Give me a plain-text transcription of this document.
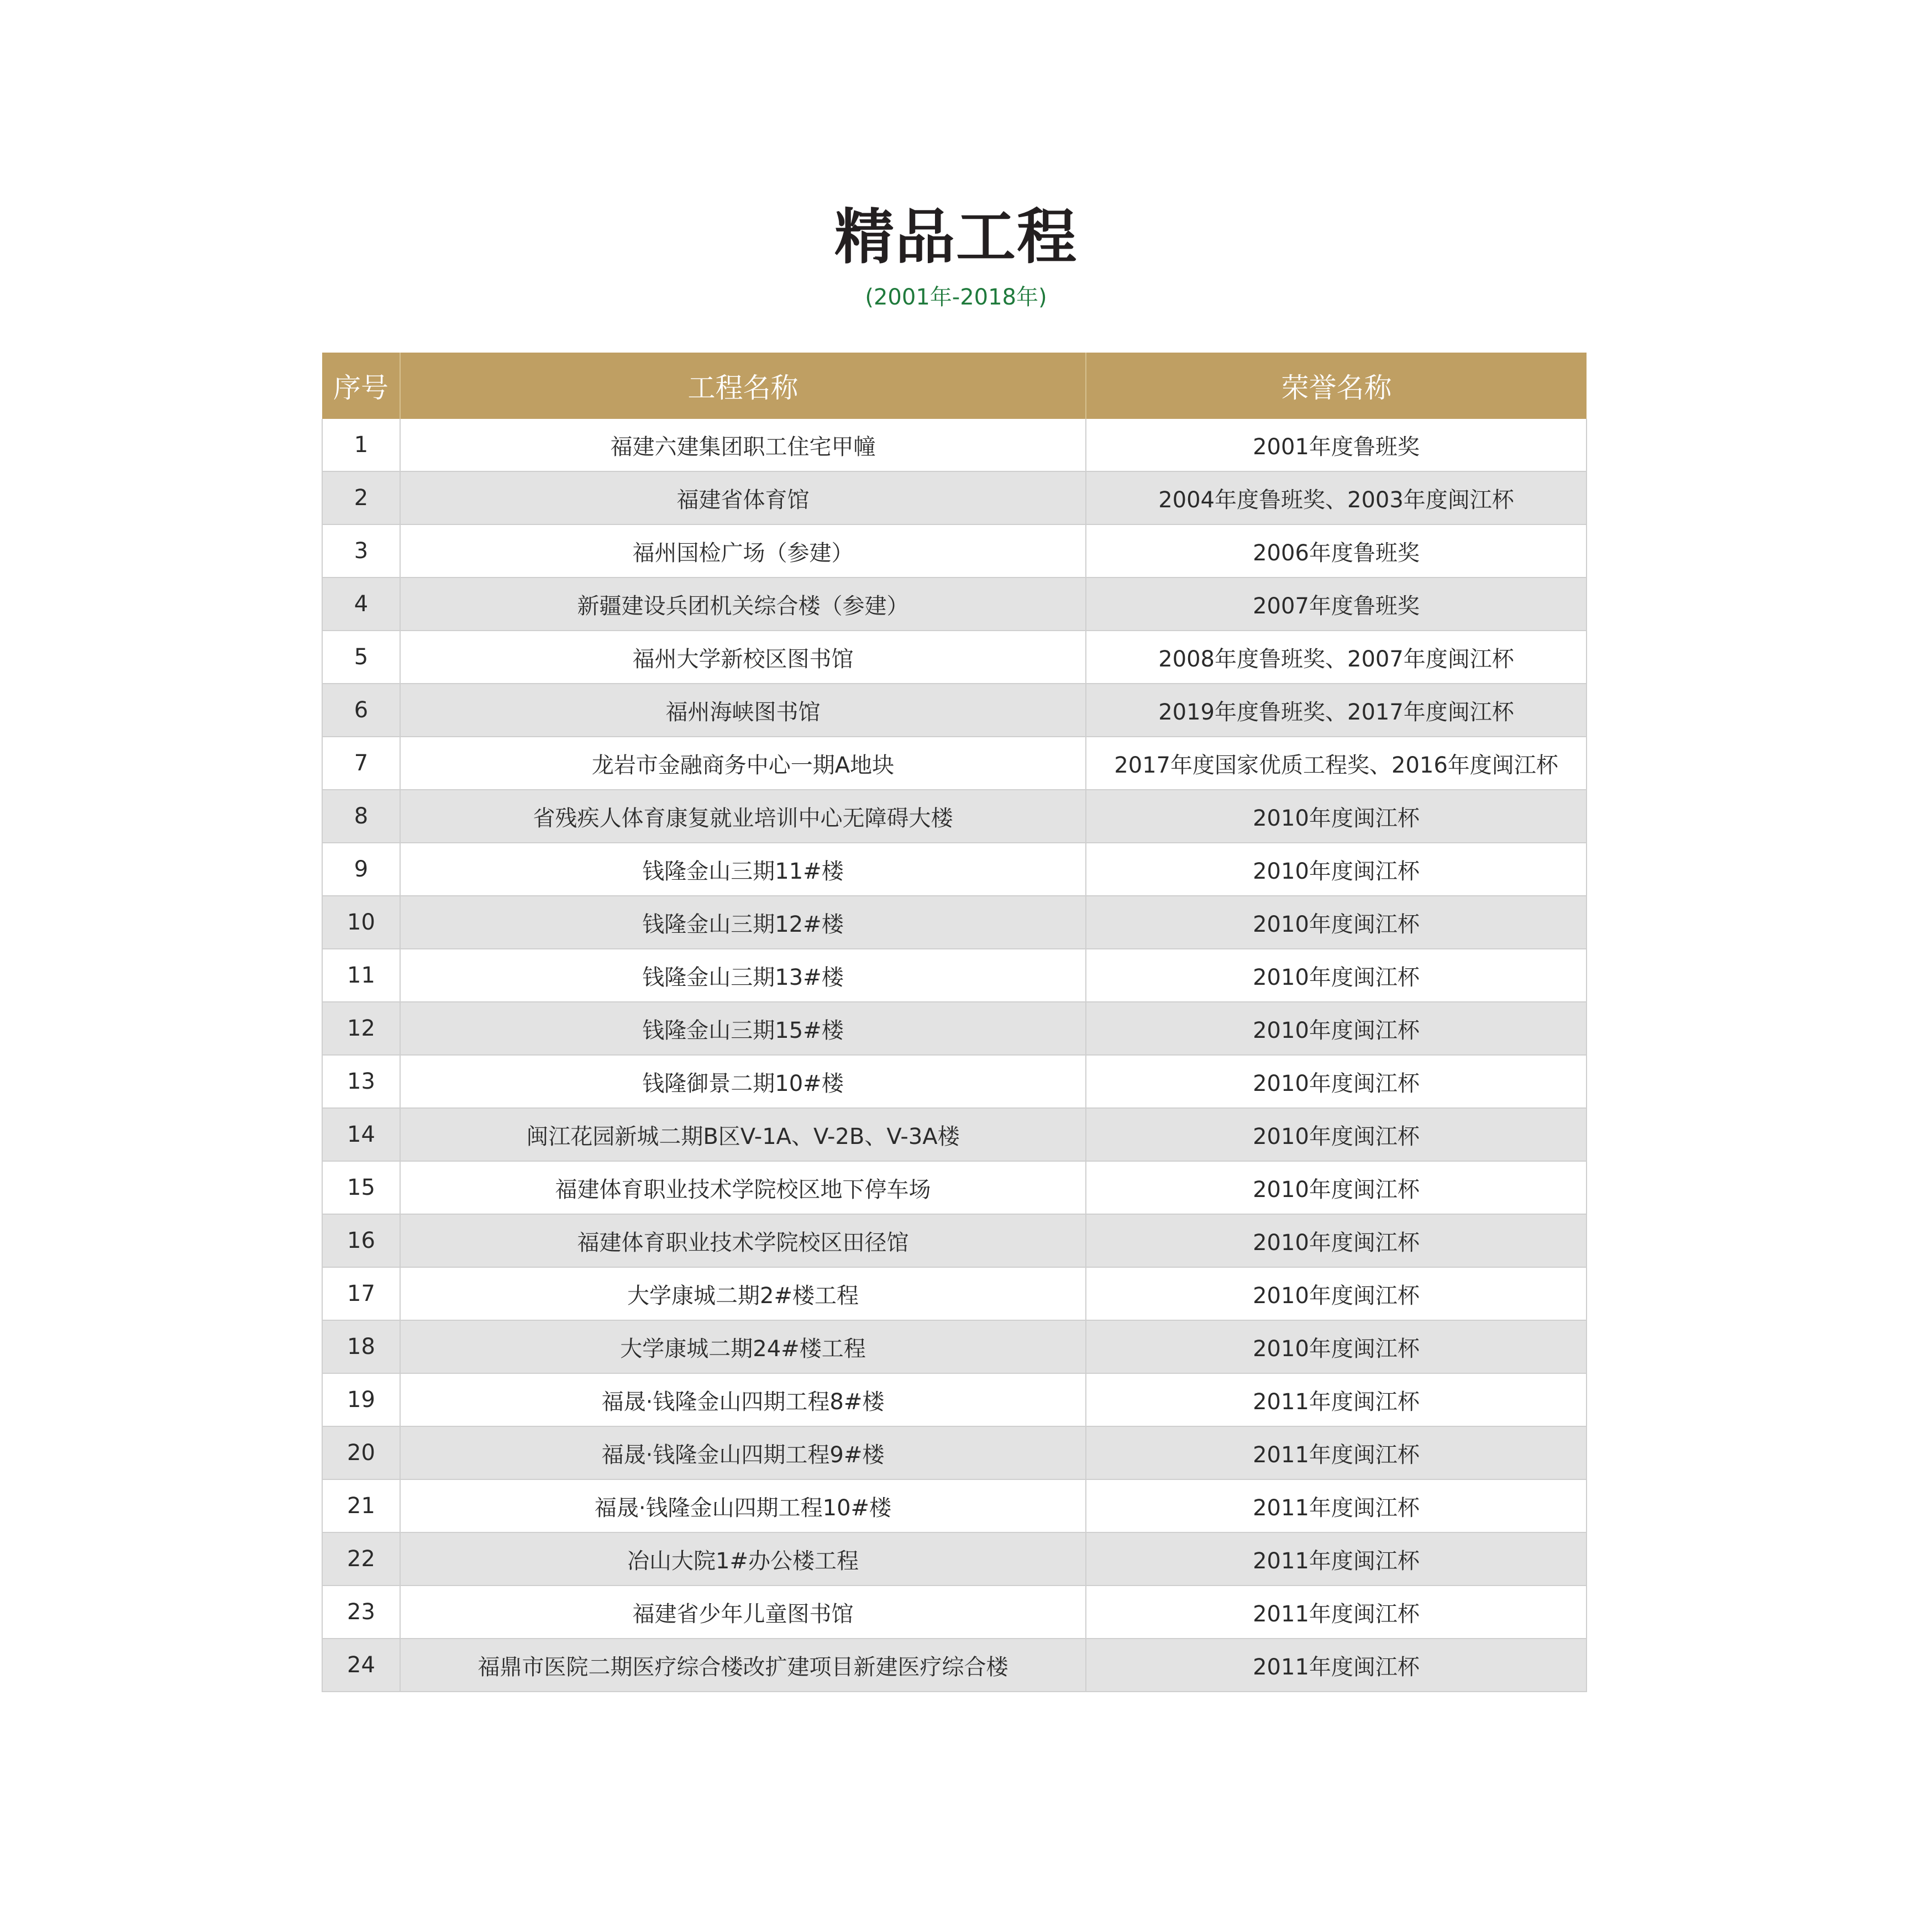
精品工程
(2001年-2018年)
序号	工程名称	荣誉名称
1	福建六建集团职工住宅甲幢	2001年度鲁班奖
2	福建省体育馆	2004年度鲁班奖、2003年度闽江杯
3	福州国检广场（参建）	2006年度鲁班奖
4	新疆建设兵团机关综合楼（参建）	2007年度鲁班奖
5	福州大学新校区图书馆	2008年度鲁班奖、2007年度闽江杯
6	福州海峡图书馆	2019年度鲁班奖、2017年度闽江杯
7	龙岩市金融商务中心一期A地块	2017年度国家优质工程奖、2016年度闽江杯
8	省残疾人体育康复就业培训中心无障碍大楼	2010年度闽江杯
9	钱隆金山三期11#楼	2010年度闽江杯
10	钱隆金山三期12#楼	2010年度闽江杯
11	钱隆金山三期13#楼	2010年度闽江杯
12	钱隆金山三期15#楼	2010年度闽江杯
13	钱隆御景二期10#楼	2010年度闽江杯
14	闽江花园新城二期B区V-1A、V-2B、V-3A楼	2010年度闽江杯
15	福建体育职业技术学院校区地下停车场	2010年度闽江杯
16	福建体育职业技术学院校区田径馆	2010年度闽江杯
17	大学康城二期2#楼工程	2010年度闽江杯
18	大学康城二期24#楼工程	2010年度闽江杯
19	福晟·钱隆金山四期工程8#楼	2011年度闽江杯
20	福晟·钱隆金山四期工程9#楼	2011年度闽江杯
21	福晟·钱隆金山四期工程10#楼	2011年度闽江杯
22	冶山大院1#办公楼工程	2011年度闽江杯
23	福建省少年儿童图书馆	2011年度闽江杯
24	福鼎市医院二期医疗综合楼改扩建项目新建医疗综合楼	2011年度闽江杯
